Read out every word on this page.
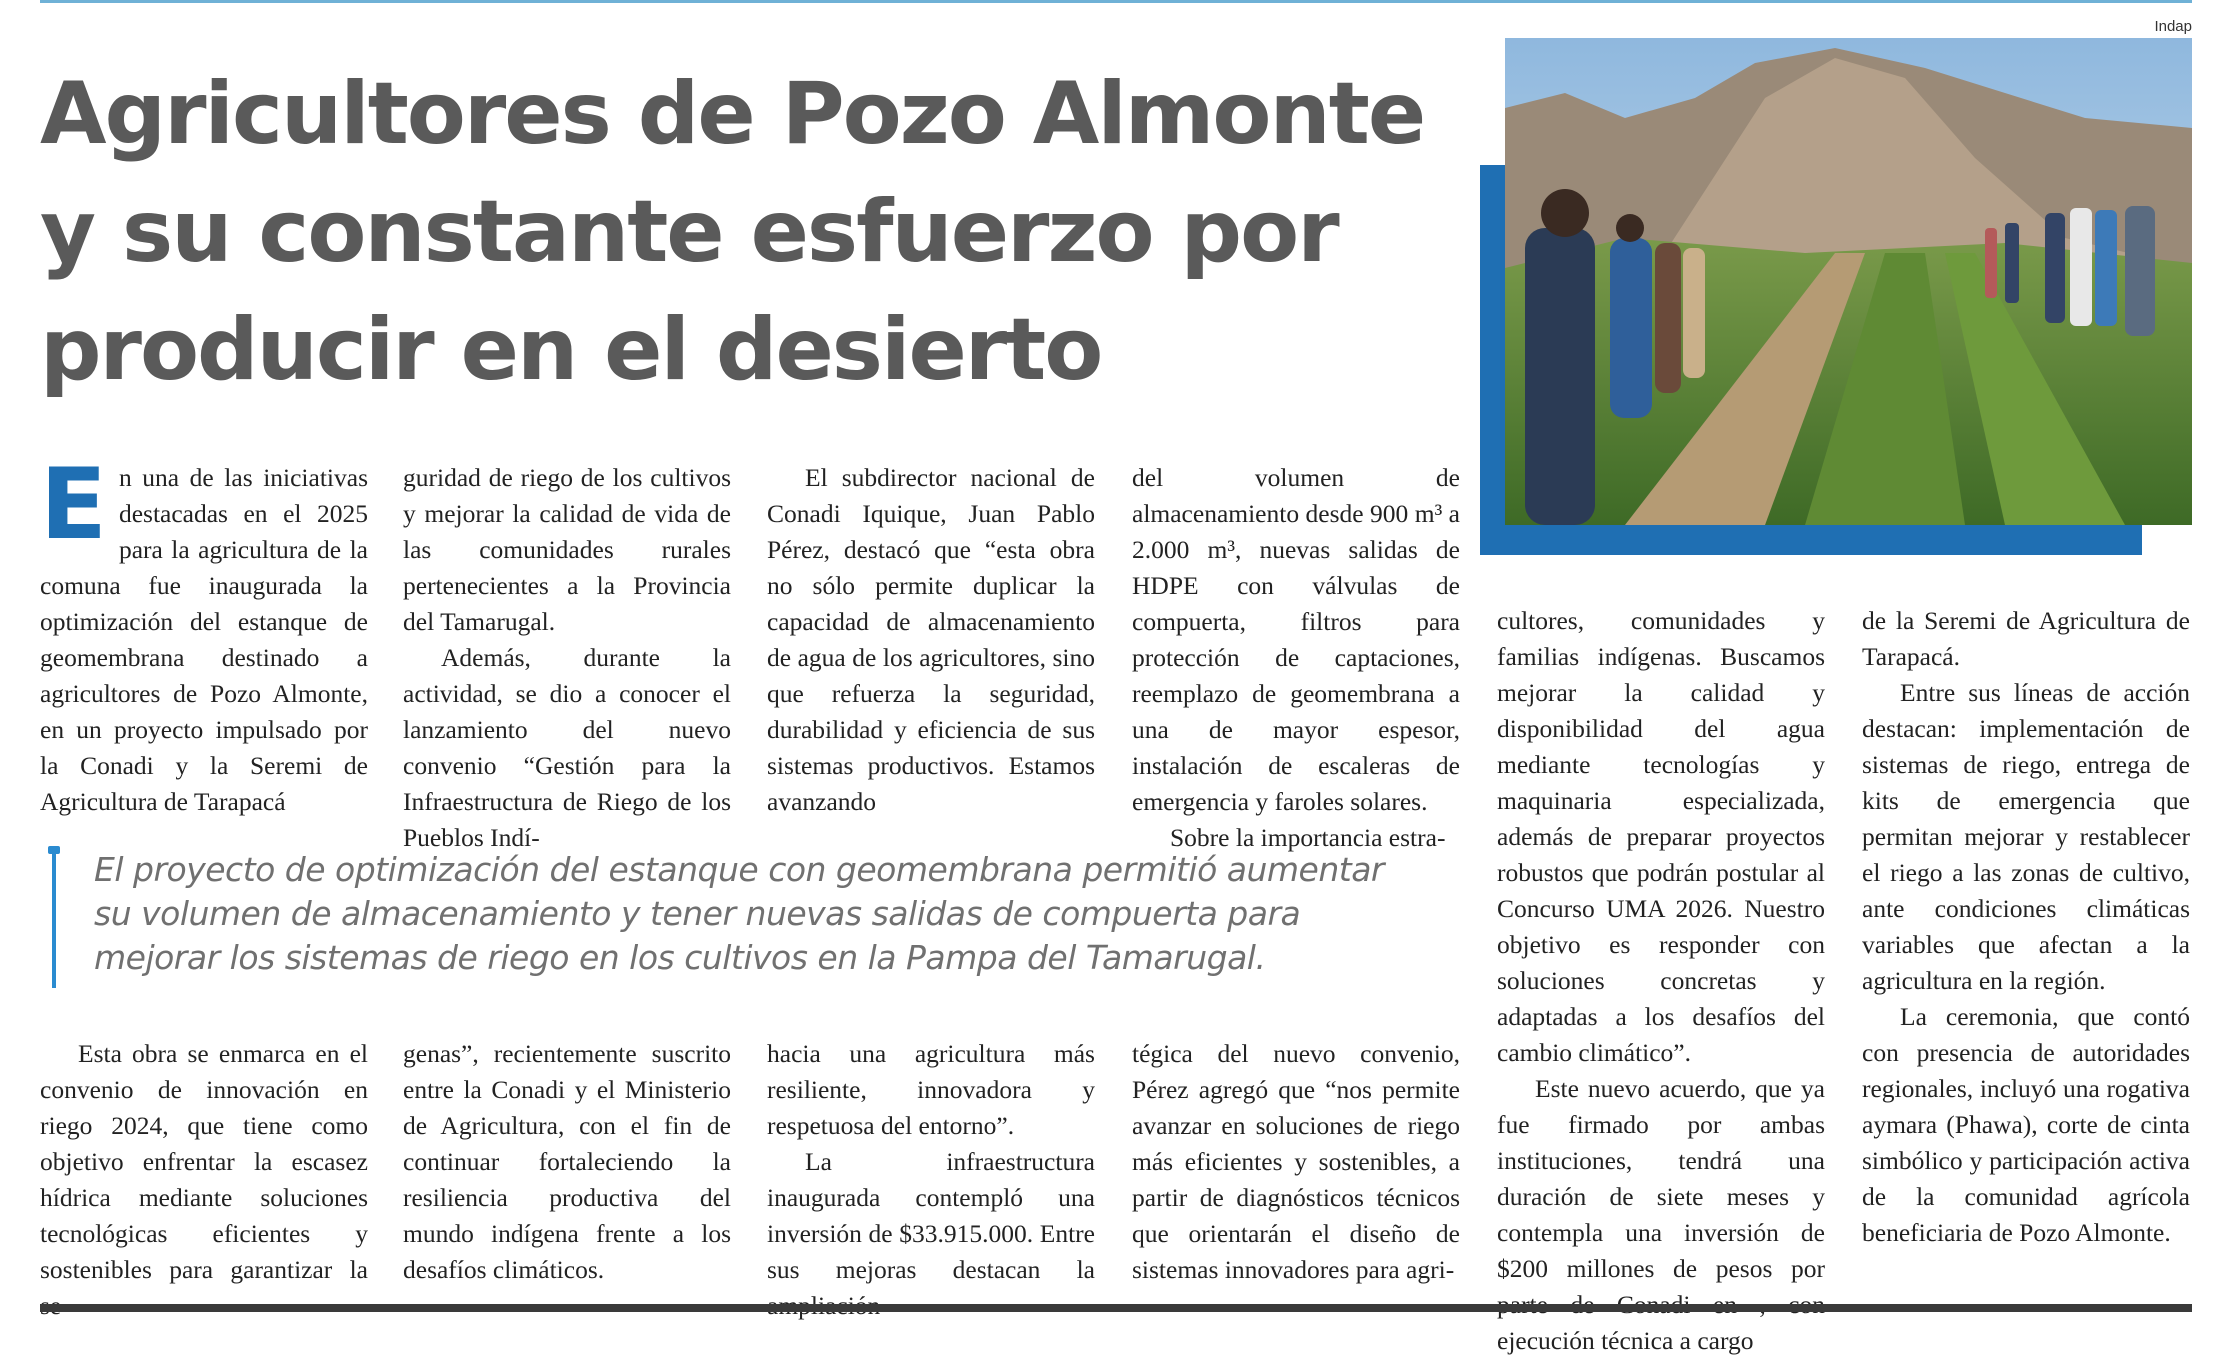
Agricultores de Pozo Almonte
y su constante esfuerzo por
producir en el desierto
Indap

En una de las iniciativas destacadas en el 2025 para la agricultura de la comuna fue inaugurada la optimización del estanque de geomembrana destinado a agricultores de Pozo Almonte, en un proyecto impulsado por la Conadi y la Seremi de Agricultura de Tarapacá

guridad de riego de los cultivos y mejorar la calidad de vida de las comunidades rurales pertenecientes a la Provincia del Tamarugal.

Además, durante la actividad, se dio a conocer el lanzamiento del nuevo convenio “Gestión para la Infraestructura de Riego de los Pueblos Indí-

El subdirector nacional de Conadi Iquique, Juan Pablo Pérez, destacó que “esta obra no sólo permite duplicar la capacidad de almacenamiento de agua de los agricultores, sino que refuerza la seguridad, durabilidad y eficiencia de sus sistemas productivos. Estamos avanzando

del volumen de almacenamiento desde 900 m³ a 2.000 m³, nuevas salidas de HDPE con válvulas de compuerta, filtros para protección de captaciones, reemplazo de geomembrana a una de mayor espesor, instalación de escaleras de emergencia y faroles solares.

Sobre la importancia estra-

El proyecto de optimización del estanque con geomembrana permitió aumentar
su volumen de almacenamiento y tener nuevas salidas de compuerta para
mejorar los sistemas de riego en los cultivos en la Pampa del Tamarugal.

Esta obra se enmarca en el convenio de innovación en riego 2024, que tiene como objetivo enfrentar la escasez hídrica mediante soluciones tecnológicas eficientes y sostenibles para garantizar la

genas”, recientemente suscrito entre la Conadi y el Ministerio de Agricultura, con el fin de continuar fortaleciendo la resiliencia productiva del mundo indígena frente a los desafíos climáticos.

hacia una agricultura más resiliente, innovadora y respetuosa del entorno”.

La infraestructura inaugurada contempló una inversión de $33.915.000. Entre sus mejoras destacan la

tégica del nuevo convenio, Pérez agregó que “nos permite avanzar en soluciones de riego más eficientes y sostenibles, a partir de diagnósticos técnicos que orientarán el diseño de sistemas innovadores para agri-

cultores, comunidades y familias indígenas. Buscamos mejorar la calidad y disponibilidad del agua mediante tecnologías y maquinaria especializada, además de preparar proyectos robustos que podrán postular al Concurso UMA 2026. Nuestro objetivo es responder con soluciones concretas y adaptadas a los desafíos del cambio climático”.

Este nuevo acuerdo, que ya fue firmado por ambas instituciones, tendrá una duración de siete meses y contempla una inversión de $200 millones de pesos por ejecución técnica a cargo

de la Seremi de Agricultura de Tarapacá.

Entre sus líneas de acción destacan: implementación de sistemas de riego, entrega de kits de emergencia que permitan mejorar y restablecer el riego a las zonas de cultivo, ante condiciones climáticas variables que afectan a la agricultura en la región.

La ceremonia, que contó con presencia de autoridades regionales, incluyó una rogativa aymara (Phawa), corte de cinta simbólico y participación activa de la comunidad agrícola beneficiaria de Pozo Almonte.
